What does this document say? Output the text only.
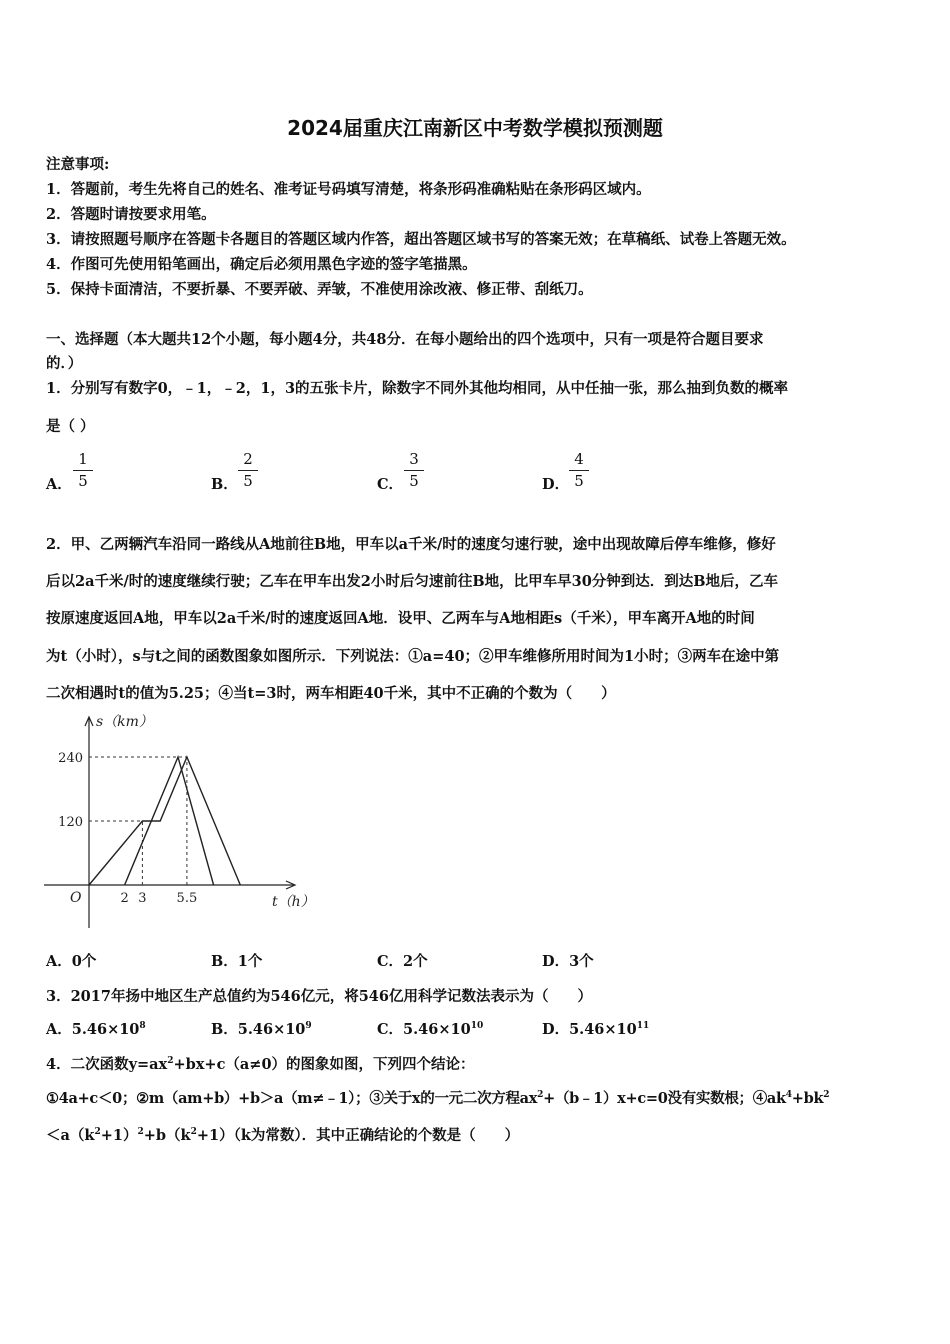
2024届重庆江南新区中考数学模拟预测题
注意事项:
1．答题前，考生先将自己的姓名、准考证号码填写清楚，将条形码准确粘贴在条形码区域内。
2．答题时请按要求用笔。
3．请按照题号顺序在答题卡各题目的答题区域内作答，超出答题区域书写的答案无效；在草稿纸、试卷上答题无效。
4．作图可先使用铅笔画出，确定后必须用黑色字迹的签字笔描黑。
5．保持卡面清洁，不要折暴、不要弄破、弄皱，不准使用涂改液、修正带、刮纸刀。
一、选择题（本大题共12个小题，每小题4分，共48分．在每小题给出的四个选项中，只有一项是符合题目要求
的．）
1．分别写有数字0，﹣1，﹣2，1，3的五张卡片，除数字不同外其他均相同，从中任抽一张，那么抽到负数的概率
是（ ）
A． $\frac{1}{5}$	B． $\frac{2}{5}$	C． $\frac{3}{5}$	D． $\frac{4}{5}$
2．甲、乙两辆汽车沿同一路线从A地前往B地，甲车以a千米/时的速度匀速行驶，途中出现故障后停车维修，修好
后以2a千米/时的速度继续行驶；乙车在甲车出发2小时后匀速前往B地，比甲车早30分钟到达．到达B地后，乙车
按原速度返回A地，甲车以2a千米/时的速度返回A地．设甲、乙两车与A地相距s（千米），甲车离开A地的时间
为t（小时），s与t之间的函数图象如图所示．下列说法：①a=40；②甲车维修所用时间为1小时；③两车在途中第
二次相遇时t的值为5.25；④当t=3时，两车相距40千米，其中不正确的个数为（　　）
s（km）
t（h）
O	2 3 5.5
120
240
A．0个	B．1个	C．2个	D．3个
3．2017年扬中地区生产总值约为546亿元，将546亿用科学记数法表示为（　　）
A．$5.46\times 10^8$	B．$5.46\times 10^9$	C．$5.46\times 10^{10}$	D．$5.46\times 10^{11}$
4．二次函数$y=ax^2+bx+c(a\ne 0)$的图象如图，下列四个结论：
①4a+c＜0；②m（am+b）+b＞a（m≠﹣1）；③关于x的一元二次方程$ax^2+(b﹣1)x+c=0$没有实数根；$④ak^4+bk^2$
$<a(k^2+1)^2+b(k^2+1)(k$为常数）．其中正确结论的个数是（　　）
